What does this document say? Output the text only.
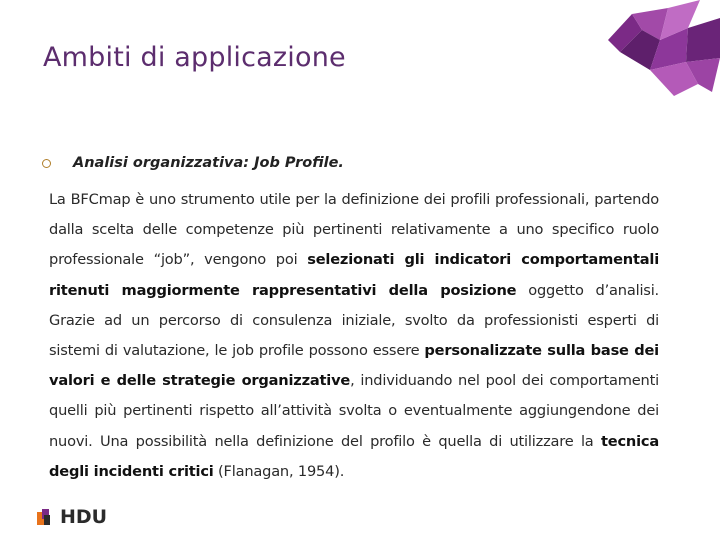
Ambiti di applicazione
Analisi organizzativa: Job Profile.
La BFCmap è uno strumento utile per la definizione dei profili professionali, partendo dalla scelta delle competenze più pertinenti relativamente a uno specifico ruolo professionale “job”, vengono poi selezionati gli indicatori comportamentali ritenuti maggiormente rappresentativi della posizione oggetto d’analisi. Grazie ad un percorso di consulenza iniziale, svolto da professionisti esperti di sistemi di valutazione, le job profile possono essere personalizzate sulla base dei valori e delle strategie organizzative, individuando nel pool dei comportamenti quelli più pertinenti rispetto all’attività svolta o eventualmente aggiungendone dei nuovi. Una possibilità nella definizione del profilo è quella di utilizzare la tecnica degli incidenti critici (Flanagan, 1954).
HDU
